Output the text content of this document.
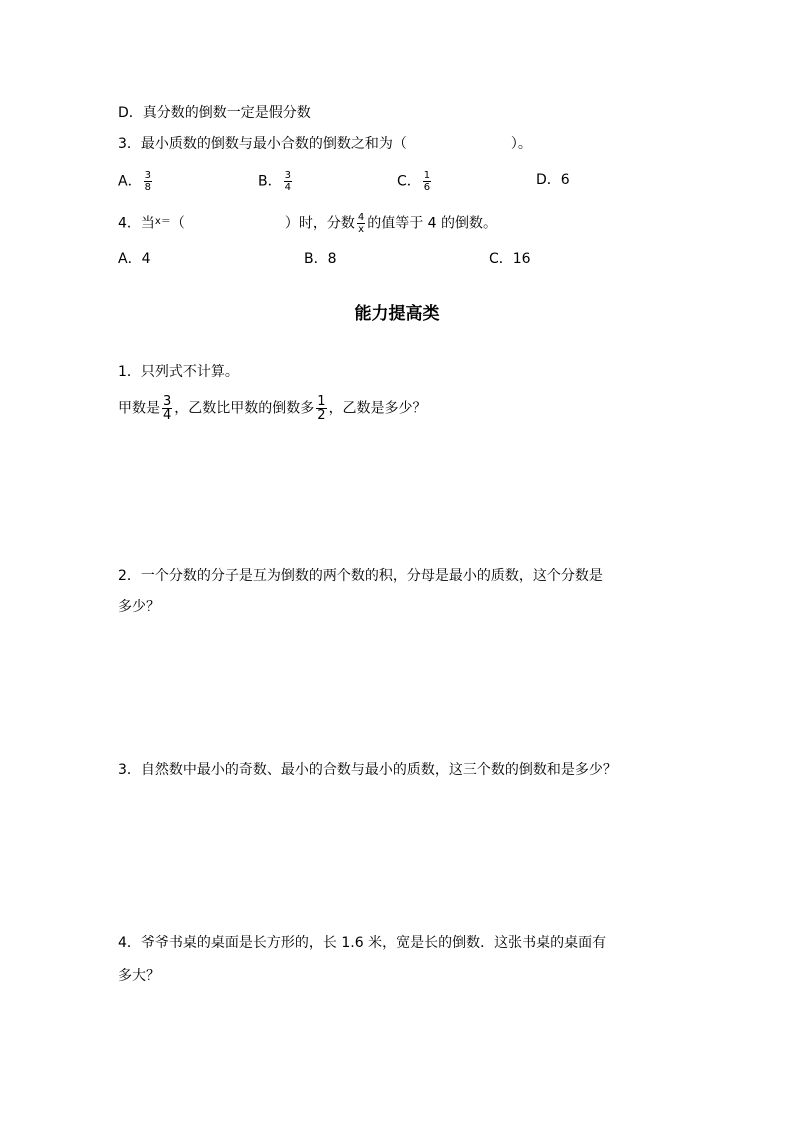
D．真分数的倒数一定是假分数
3．最小质数的倒数与最小合数的倒数之和为（	）。
A． $\frac{3}{8}$	B． $\frac{3}{4}$	C． $\frac{1}{6}$	D．6
4．当$^{x=}$（	）时，分数 $\frac{4}{x}$ 的值等于 4 的倒数。
A．4	B．8	C．16
能力提高类
1．只列式不计算。
甲数是 $\frac{3}{4}$ ，乙数比甲数的倒数多 $\frac{1}{2}$ ，乙数是多少？
2．一个分数的分子是互为倒数的两个数的积，分母是最小的质数，这个分数是
多少？
3．自然数中最小的奇数、最小的合数与最小的质数，这三个数的倒数和是多少？
4．爷爷书桌的桌面是长方形的，长 1.6 米，宽是长的倒数．这张书桌的桌面有
多大？
